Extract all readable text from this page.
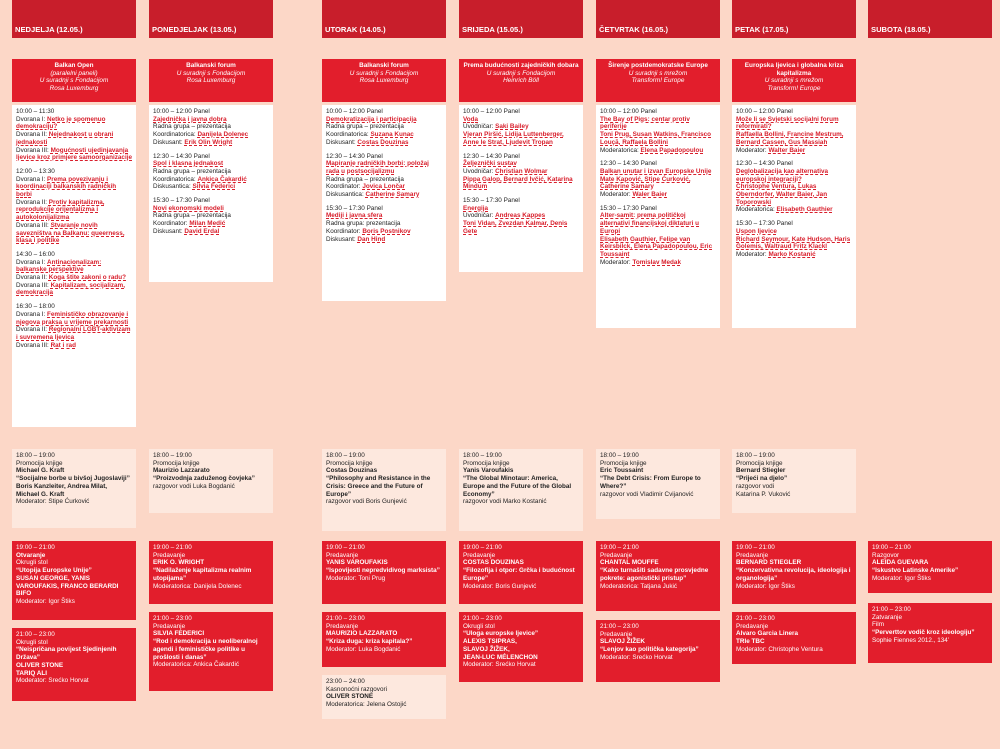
NEDJELJA (12.05.)
Balkan Open
(paralelni paneli)
U suradnji s Fondacijom
Rosa Luxemburg
10:00 – 11:30
Dvorana I: Netko je spomenuo demokraciju?
Dvorana II: Nejednakost u obrani jednakosti
Dvorana III: Mogućnosti ujedinjavanja ljevice kroz primjere samoorganizacije
12:00 – 13:30
Dvorana I: Prema povezivanju i koordinaciji balkanskih radničkih borbi
Dvorana II: Protiv kapitalizma, reprodukcije orijentalizma i autokolonijalizma
Dvorana III: Stvaranje novih savezništva na Balkanu: queerness, klasa i politike
14:30 – 16:00
Dvorana I: Antinacionalizam: balkanske perspektive
Dvorana II: Koga štite zakoni o radu?
Dvorana III: Kapitalizam, socijalizam, demokracija
16:30 – 18:00
Dvorana I: Feminističko obrazovanje i njegova praksa u vrijeme prekarnosti
Dvorana II: Regionalni LGBT-aktivizam i suvremena ljevica
Dvorana III: Rat i rad
18:00 – 19:00
Promocija knjige
Michael G. Kraft
“Socijalne borbe u bivšoj Jugoslaviji”
Boris Kanzleiter, Andrea Milat, Michael G. Kraft
Moderator: Stipe Ćurković
19:00 – 21:00
Otvaranje
Okrugli stol
“Utopija Europske Unije”
SUSAN GEORGE, YANIS VAROUFAKIS, FRANCO BERARDI BIFO
Moderator: Igor Štiks
21:00 – 23:00
Okrugli stol
“Neispričana povijest Sjedinjenih Država”
OLIVER STONE
TARIQ ALI
Moderator: Srećko Horvat
PONEDJELJAK (13.05.)
Balkanski forum
U suradnji s Fondacijom
Rosa Luxemburg
10:00 – 12:00 Panel
Zajednička i javna dobra
Radna grupa – prezentacija
Koordinatorica: Danijela Dolenec
Diskusant: Erik Olin Wright
12:30 – 14:30 Panel
Spol i klasna jednakost
Radna grupa – prezentacija
Koordinatorica: Ankica Čakardić
Diskusantica: Silvia Federici
15:30 – 17:30 Panel
Novi ekonomski modeli
Radna grupa – prezentacija
Koordinator: Milan Medić
Diskusant: David Erdal
18:00 – 19:00
Promocija knjige
Maurizio Lazzarato
“Proizvodnja zaduženog čovjeka”
razgovor vodi Luka Bogdanić
19:00 – 21:00
Predavanje
ERIK O. WRIGHT
“Nadilaženje kapitalizma realnim utopijama”
Moderatorica: Danijela Dolenec
21:00 – 23:00
Predavanje
SILVIA FEDERICI
“Rod i demokracija u neoliberalnoj agendi i feminističke politike u prošlosti i danas”
Moderatorica: Ankica Čakardić
UTORAK (14.05.)
Balkanski forum
U suradnji s Fondacijom
Rosa Luxemburg
10:00 – 12:00 Panel
Demokratizacija i participacija
Radna grupa – prezentacija
Koordinatorica: Suzana Kunac
Diskusant: Costas Douzinas
12:30 – 14:30 Panel
Mapiranje radničkih borbi: položaj rada u postsocijalizmu
Radna grupa – prezentacija
Koordinator: Jovica Lončar
Diskusantica: Catherine Samary
15:30 – 17:30 Panel
Mediji i javna sfera
Radna grupa: prezentacija
Koordinator: Boris Postnikov
Diskusant: Dan Hind
18:00 – 19:00
Promocija knjige
Costas Douzinas
“Philosophy and Resistance in the Crisis: Greece and the Future of Europe”
razgovor vodi Boris Gunjević
19:00 – 21:00
Predavanje
YANIS VAROUFAKIS
“Ispovijesti nepredvidivog marksista”
Moderator: Toni Prug
21:00 – 23:00
Predavanje
MAURIZIO LAZZARATO
“Kriza duga: kriza kapitala?”
Moderator: Luka Bogdanić
23:00 – 24:00
Kasnonoćni razgovori
OLIVER STONE
Moderatorica: Jelena Ostojić
SRIJEDA (15.05.)
Prema budućnosti zajedničkih dobara
U suradnji s Fondacijom
Heinrich Böll
10:00 – 12:00 Panel
Voda
Uvodničar: Saki Bailey
Vjeran Piršić, Lidija Luttenberger, Anne le Strat, Ljudevit Tropan
12:30 – 14:30 Panel
Željeznički sustav
Uvodničar: Christian Wolmar
Pippa Galop, Bernard Ivčić, Katarina Mindum
15:30 – 17:30 Panel
Energija
Uvodničar: Andreas Kappes
Toni Vidan, Zvezdan Kalmar, Denis Gete
18:00 – 19:00
Promocija knjige
Yanis Varoufakis
“The Global Minotaur: America, Europe and the Future of the Global Economy”
razgovor vodi Marko Kostanić
19:00 – 21:00
Predavanje
COSTAS DOUZINAS
“Filozofija i otpor: Grčka i budućnost Europe”
Moderator: Boris Gunjević
21:00 – 23:00
Okrugli stol
“Uloga europske ljevice”
ALEXIS TSIPRAS,
SLAVOJ ŽIŽEK,
JEAN-LUC MÉLENCHON
Moderator: Srećko Horvat
ČETVRTAK (16.05.)
Širenje postdemokratske Europe
U suradnji s mrežom
Transform! Europe
10:00 – 12:00 Panel
The Bay of Pigs: centar protiv periferije
Toni Prug, Susan Watkins, Francisco Louçã, Raffaela Bollini
Moderatorica: Elena Papadopoulou
12:30 – 14:30 Panel
Balkan unutar i izvan Europske Unije
Mate Kapović, Stipe Ćurković, Catherine Samary
Moderator: Waler Baier
15:30 – 17:30 Panel
Alter-samit: prema političkoj alternativi financijskoj diktaturi u Europi
Elisabeth Gauthier, Felipe van Keirsbilck, Elena Papadopoulou, Eric Toussaint
Moderator: Tomislav Medak
18:00 – 19:00
Promocija knjige
Eric Toussaint
“The Debt Crisis: From Europe to Where?”
razgovor vodi Vladimir Cvijanović
19:00 – 21:00
Predavanje
CHANTAL MOUFFE
“Kako turnašiti sadavne prosvjedne pokrete: agonistički pristup”
Moderatorica: Tatjana Jukić
21:00 – 23:00
Predavanje
SLAVOJ ŽIŽEK
“Lenjov kao politička kategorija”
Moderator: Srećko Horvat
PETAK (17.05.)
Europska ljevica i globalna kriza kapitalizma
U suradnji s mrežom
Transform! Europe
10:00 – 12:00 Panel
Može li se Svjetski socijalni forum reformirati?
Raffaella Bollini, Francine Mestrum, Bernard Cassen, Gus Massiah
Moderator: Walter Baier
12:30 – 14:30 Panel
Deglobalizacija kao alternativa europskoj integraciji?
Christophe Ventura, Lukas Oberndorfer, Walter Baier, Jan Toporowski
Moderatorica: Elisabeth Gauthier
15:30 – 17:30 Panel
Uspon ljevice
Richard Seymour, Kate Hudson, Haris Golemis, Waltraud Fritz Klackl
Moderator: Marko Kostanić
18:00 – 19:00
Promocija knjige
Bernard Stiegler
“Prijeći na djelo”
razgovor vodi
Katarina P. Vuković
19:00 – 21:00
Predavanje
BERNARD STIEGLER
“Konzervativna revolucija, ideologija i organologija”
Moderator: Igor Štiks
21:00 – 23:00
Predavanje
Alvaro Garcia Linera
TRIe TBC
Moderator: Christophe Ventura
SUBOTA (18.05.)
19:00 – 21:00
Razgovor
ALEIDA GUEVARA
“Iskustvo Latinske Amerike”
Moderator: Igor Štiks
21:00 – 23:00
Zatvaranje
Film
“Perverttov vodič kroz ideologiju”
Sophie Fiennes 2012., 134’
